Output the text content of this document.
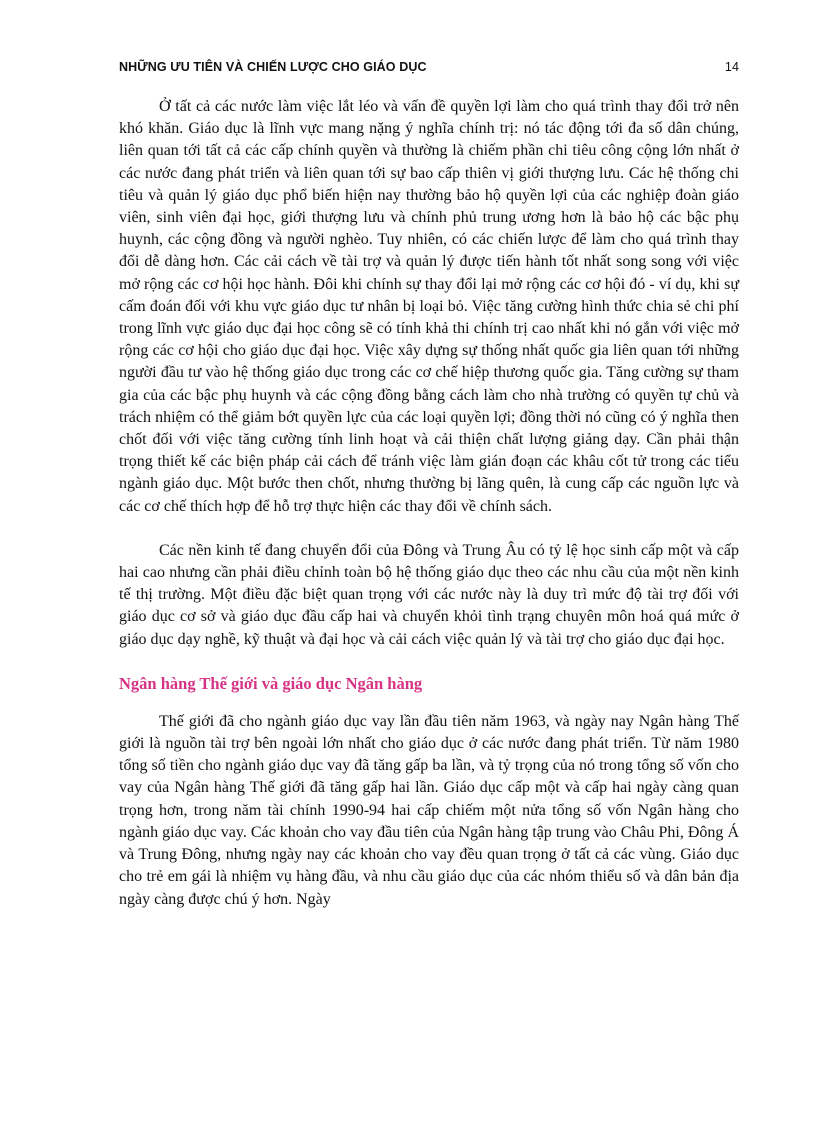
NHỮNG ƯU TIÊN VÀ CHIẾN LƯỢC CHO GIÁO DỤC	14

Ở tất cả các nước làm việc lắt léo và vấn đề quyền lợi làm cho quá trình thay đổi trở nên khó khăn. Giáo dục là lĩnh vực mang nặng ý nghĩa chính trị: nó tác động tới đa số dân chúng, liên quan tới tất cả các cấp chính quyền và thường là chiếm phần chi tiêu công cộng lớn nhất ở các nước đang phát triển và liên quan tới sự bao cấp thiên vị giới thượng lưu. Các hệ thống chi tiêu và quản lý giáo dục phổ biến hiện nay thường bảo hộ quyền lợi của các nghiệp đoàn giáo viên, sinh viên đại học, giới thượng lưu và chính phủ trung ương hơn là bảo hộ các bậc phụ huynh, các cộng đồng và người nghèo. Tuy nhiên, có các chiến lược để làm cho quá trình thay đổi dễ dàng hơn. Các cải cách về tài trợ và quản lý được tiến hành tốt nhất song song với việc mở rộng các cơ hội học hành. Đôi khi chính sự thay đổi lại mở rộng các cơ hội đó - ví dụ, khi sự cấm đoán đối với khu vực giáo dục tư nhân bị loại bỏ. Việc tăng cường hình thức chia sẻ chi phí trong lĩnh vực giáo dục đại học công sẽ có tính khả thi chính trị cao nhất khi nó gắn với việc mở rộng các cơ hội cho giáo dục đại học. Việc xây dựng sự thống nhất quốc gia liên quan tới những người đầu tư vào hệ thống giáo dục trong các cơ chế hiệp thương quốc gia. Tăng cường sự tham gia của các bậc phụ huynh và các cộng đồng bằng cách làm cho nhà trường có quyền tự chủ và trách nhiệm có thể giảm bớt quyền lực của các loại quyền lợi; đồng thời nó cũng có ý nghĩa then chốt đối với việc tăng cường tính linh hoạt và cải thiện chất lượng giảng dạy. Cần phải thận trọng thiết kế các biện pháp cải cách để tránh việc làm gián đoạn các khâu cốt tử trong các tiểu ngành giáo dục. Một bước then chốt, nhưng thường bị lãng quên, là cung cấp các nguồn lực và các cơ chế thích hợp để hỗ trợ thực hiện các thay đổi về chính sách.

Các nền kinh tế đang chuyển đổi của Đông và Trung Âu có tỷ lệ học sinh cấp một và cấp hai cao nhưng cần phải điều chỉnh toàn bộ hệ thống giáo dục theo các nhu cầu của một nền kinh tế thị trường. Một điều đặc biệt quan trọng với các nước này là duy trì mức độ tài trợ đối với giáo dục cơ sở và giáo dục đầu cấp hai và chuyển khỏi tình trạng chuyên môn hoá quá mức ở giáo dục dạy nghề, kỹ thuật và đại học và cải cách việc quản lý và tài trợ cho giáo dục đại học.

Ngân hàng Thế giới và giáo dục Ngân hàng

Thế giới đã cho ngành giáo dục vay lần đầu tiên năm 1963, và ngày nay Ngân hàng Thế giới là nguồn tài trợ bên ngoài lớn nhất cho giáo dục ở các nước đang phát triển. Từ năm 1980 tổng số tiền cho ngành giáo dục vay đã tăng gấp ba lần, và tỷ trọng của nó trong tổng số vốn cho vay của Ngân hàng Thế giới đã tăng gấp hai lần. Giáo dục cấp một và cấp hai ngày càng quan trọng hơn, trong năm tài chính 1990-94 hai cấp chiếm một nửa tổng số vốn Ngân hàng cho ngành giáo dục vay. Các khoản cho vay đầu tiên của Ngân hàng tập trung vào Châu Phi, Đông Á và Trung Đông, nhưng ngày nay các khoản cho vay đều quan trọng ở tất cả các vùng. Giáo dục cho trẻ em gái là nhiệm vụ hàng đầu, và nhu cầu giáo dục của các nhóm thiểu số và dân bản địa ngày càng được chú ý hơn. Ngày
